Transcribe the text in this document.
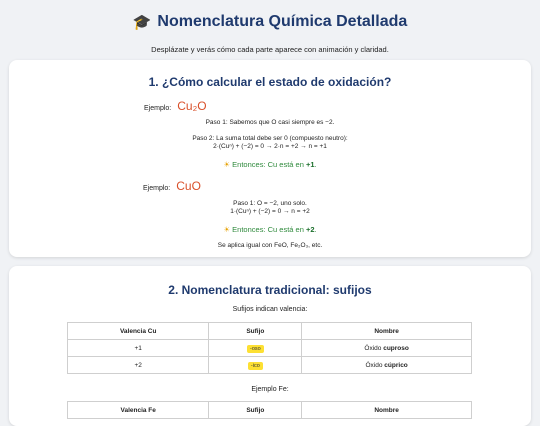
🎓 Nomenclatura Química Detallada
Desplázate y verás cómo cada parte aparece con animación y claridad.
1. ¿Cómo calcular el estado de oxidación?
Ejemplo: Cu₂O
Paso 1: Sabemos que O casi siempre es −2.
Paso 2: La suma total debe ser 0 (compuesto neutro):
2·(Cuⁿ) + (−2) = 0 → 2·n = +2 → n = +1
☀ Entonces: Cu está en +1.
Ejemplo: CuO
Paso 1: O = −2, uno solo.
1·(Cuⁿ) + (−2) = 0 → n = +2
☀ Entonces: Cu está en +2.
Se aplica igual con FeO, Fe₂O₃, etc.
2. Nomenclatura tradicional: sufijos
Sufijos indican valencia:
Valencia Cu	Sufijo	Nombre
+1	-oso	Óxido cuproso
+2	-ico	Óxido cúprico
Ejemplo Fe:
Valencia Fe	Sufijo	Nombre
